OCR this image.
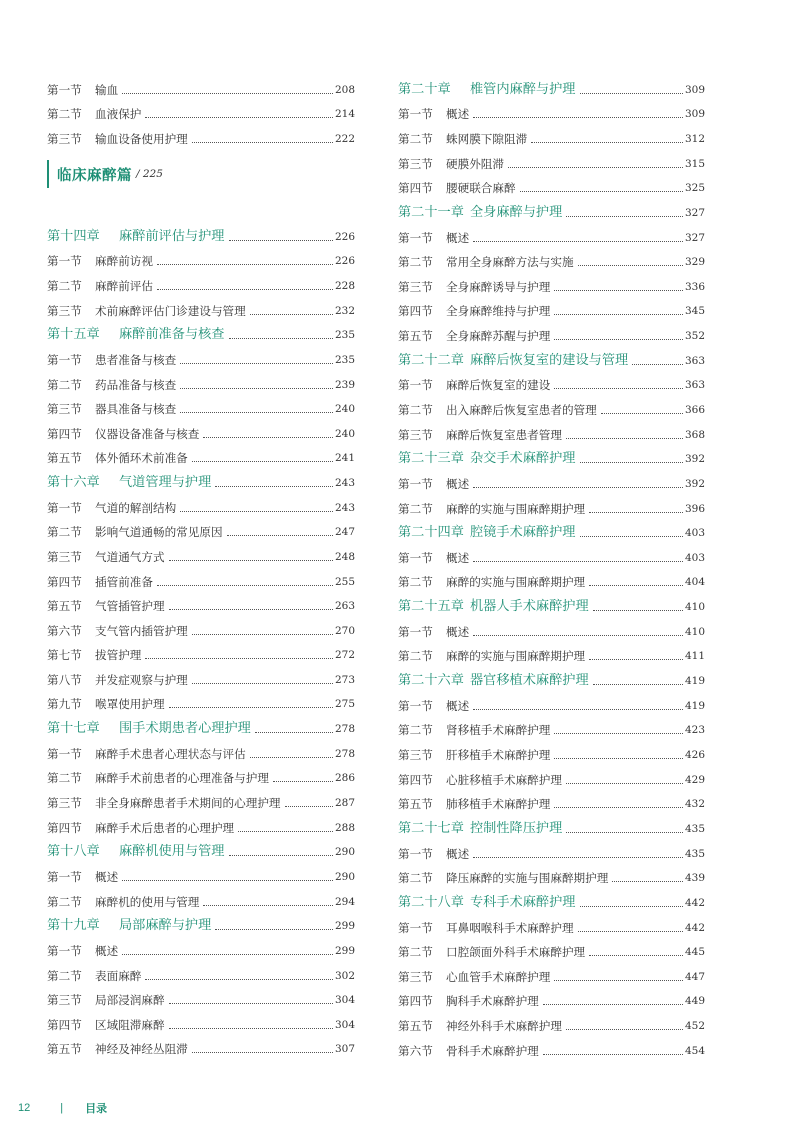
第一节	输血	208
第二节	血液保护	214
第三节	输血设备使用护理	222
临床麻醉篇 / 225
第十四章	麻醉前评估与护理	226
第一节	麻醉前访视	226
第二节	麻醉前评估	228
第三节	术前麻醉评估门诊建设与管理	232
第十五章	麻醉前准备与核查	235
第一节	患者准备与核查	235
第二节	药品准备与核查	239
第三节	器具准备与核查	240
第四节	仪器设备准备与核查	240
第五节	体外循环术前准备	241
第十六章	气道管理与护理	243
第一节	气道的解剖结构	243
第二节	影响气道通畅的常见原因	247
第三节	气道通气方式	248
第四节	插管前准备	255
第五节	气管插管护理	263
第六节	支气管内插管护理	270
第七节	拔管护理	272
第八节	并发症观察与护理	273
第九节	喉罩使用护理	275
第十七章	围手术期患者心理护理	278
第一节	麻醉手术患者心理状态与评估	278
第二节	麻醉手术前患者的心理准备与护理	286
第三节	非全身麻醉患者手术期间的心理护理	287
第四节	麻醉手术后患者的心理护理	288
第十八章	麻醉机使用与管理	290
第一节	概述	290
第二节	麻醉机的使用与管理	294
第十九章	局部麻醉与护理	299
第一节	概述	299
第二节	表面麻醉	302
第三节	局部浸润麻醉	304
第四节	区域阻滞麻醉	304
第五节	神经及神经丛阻滞	307
第二十章	椎管内麻醉与护理	309
第一节	概述	309
第二节	蛛网膜下隙阻滞	312
第三节	硬膜外阻滞	315
第四节	腰硬联合麻醉	325
第二十一章 全身麻醉与护理	327
第一节	概述	327
第二节	常用全身麻醉方法与实施	329
第三节	全身麻醉诱导与护理	336
第四节	全身麻醉维持与护理	345
第五节	全身麻醉苏醒与护理	352
第二十二章 麻醉后恢复室的建设与管理	363
第一节	麻醉后恢复室的建设	363
第二节	出入麻醉后恢复室患者的管理	366
第三节	麻醉后恢复室患者管理	368
第二十三章 杂交手术麻醉护理	392
第一节	概述	392
第二节	麻醉的实施与围麻醉期护理	396
第二十四章 腔镜手术麻醉护理	403
第一节	概述	403
第二节	麻醉的实施与围麻醉期护理	404
第二十五章 机器人手术麻醉护理	410
第一节	概述	410
第二节	麻醉的实施与围麻醉期护理	411
第二十六章 器官移植术麻醉护理	419
第一节	概述	419
第二节	肾移植手术麻醉护理	423
第三节	肝移植手术麻醉护理	426
第四节	心脏移植手术麻醉护理	429
第五节	肺移植手术麻醉护理	432
第二十七章 控制性降压护理	435
第一节	概述	435
第二节	降压麻醉的实施与围麻醉期护理	439
第二十八章 专科手术麻醉护理	442
第一节	耳鼻咽喉科手术麻醉护理	442
第二节	口腔颌面外科手术麻醉护理	445
第三节	心血管手术麻醉护理	447
第四节	胸科手术麻醉护理	449
第五节	神经外科手术麻醉护理	452
第六节	骨科手术麻醉护理	454
12	| 目录
